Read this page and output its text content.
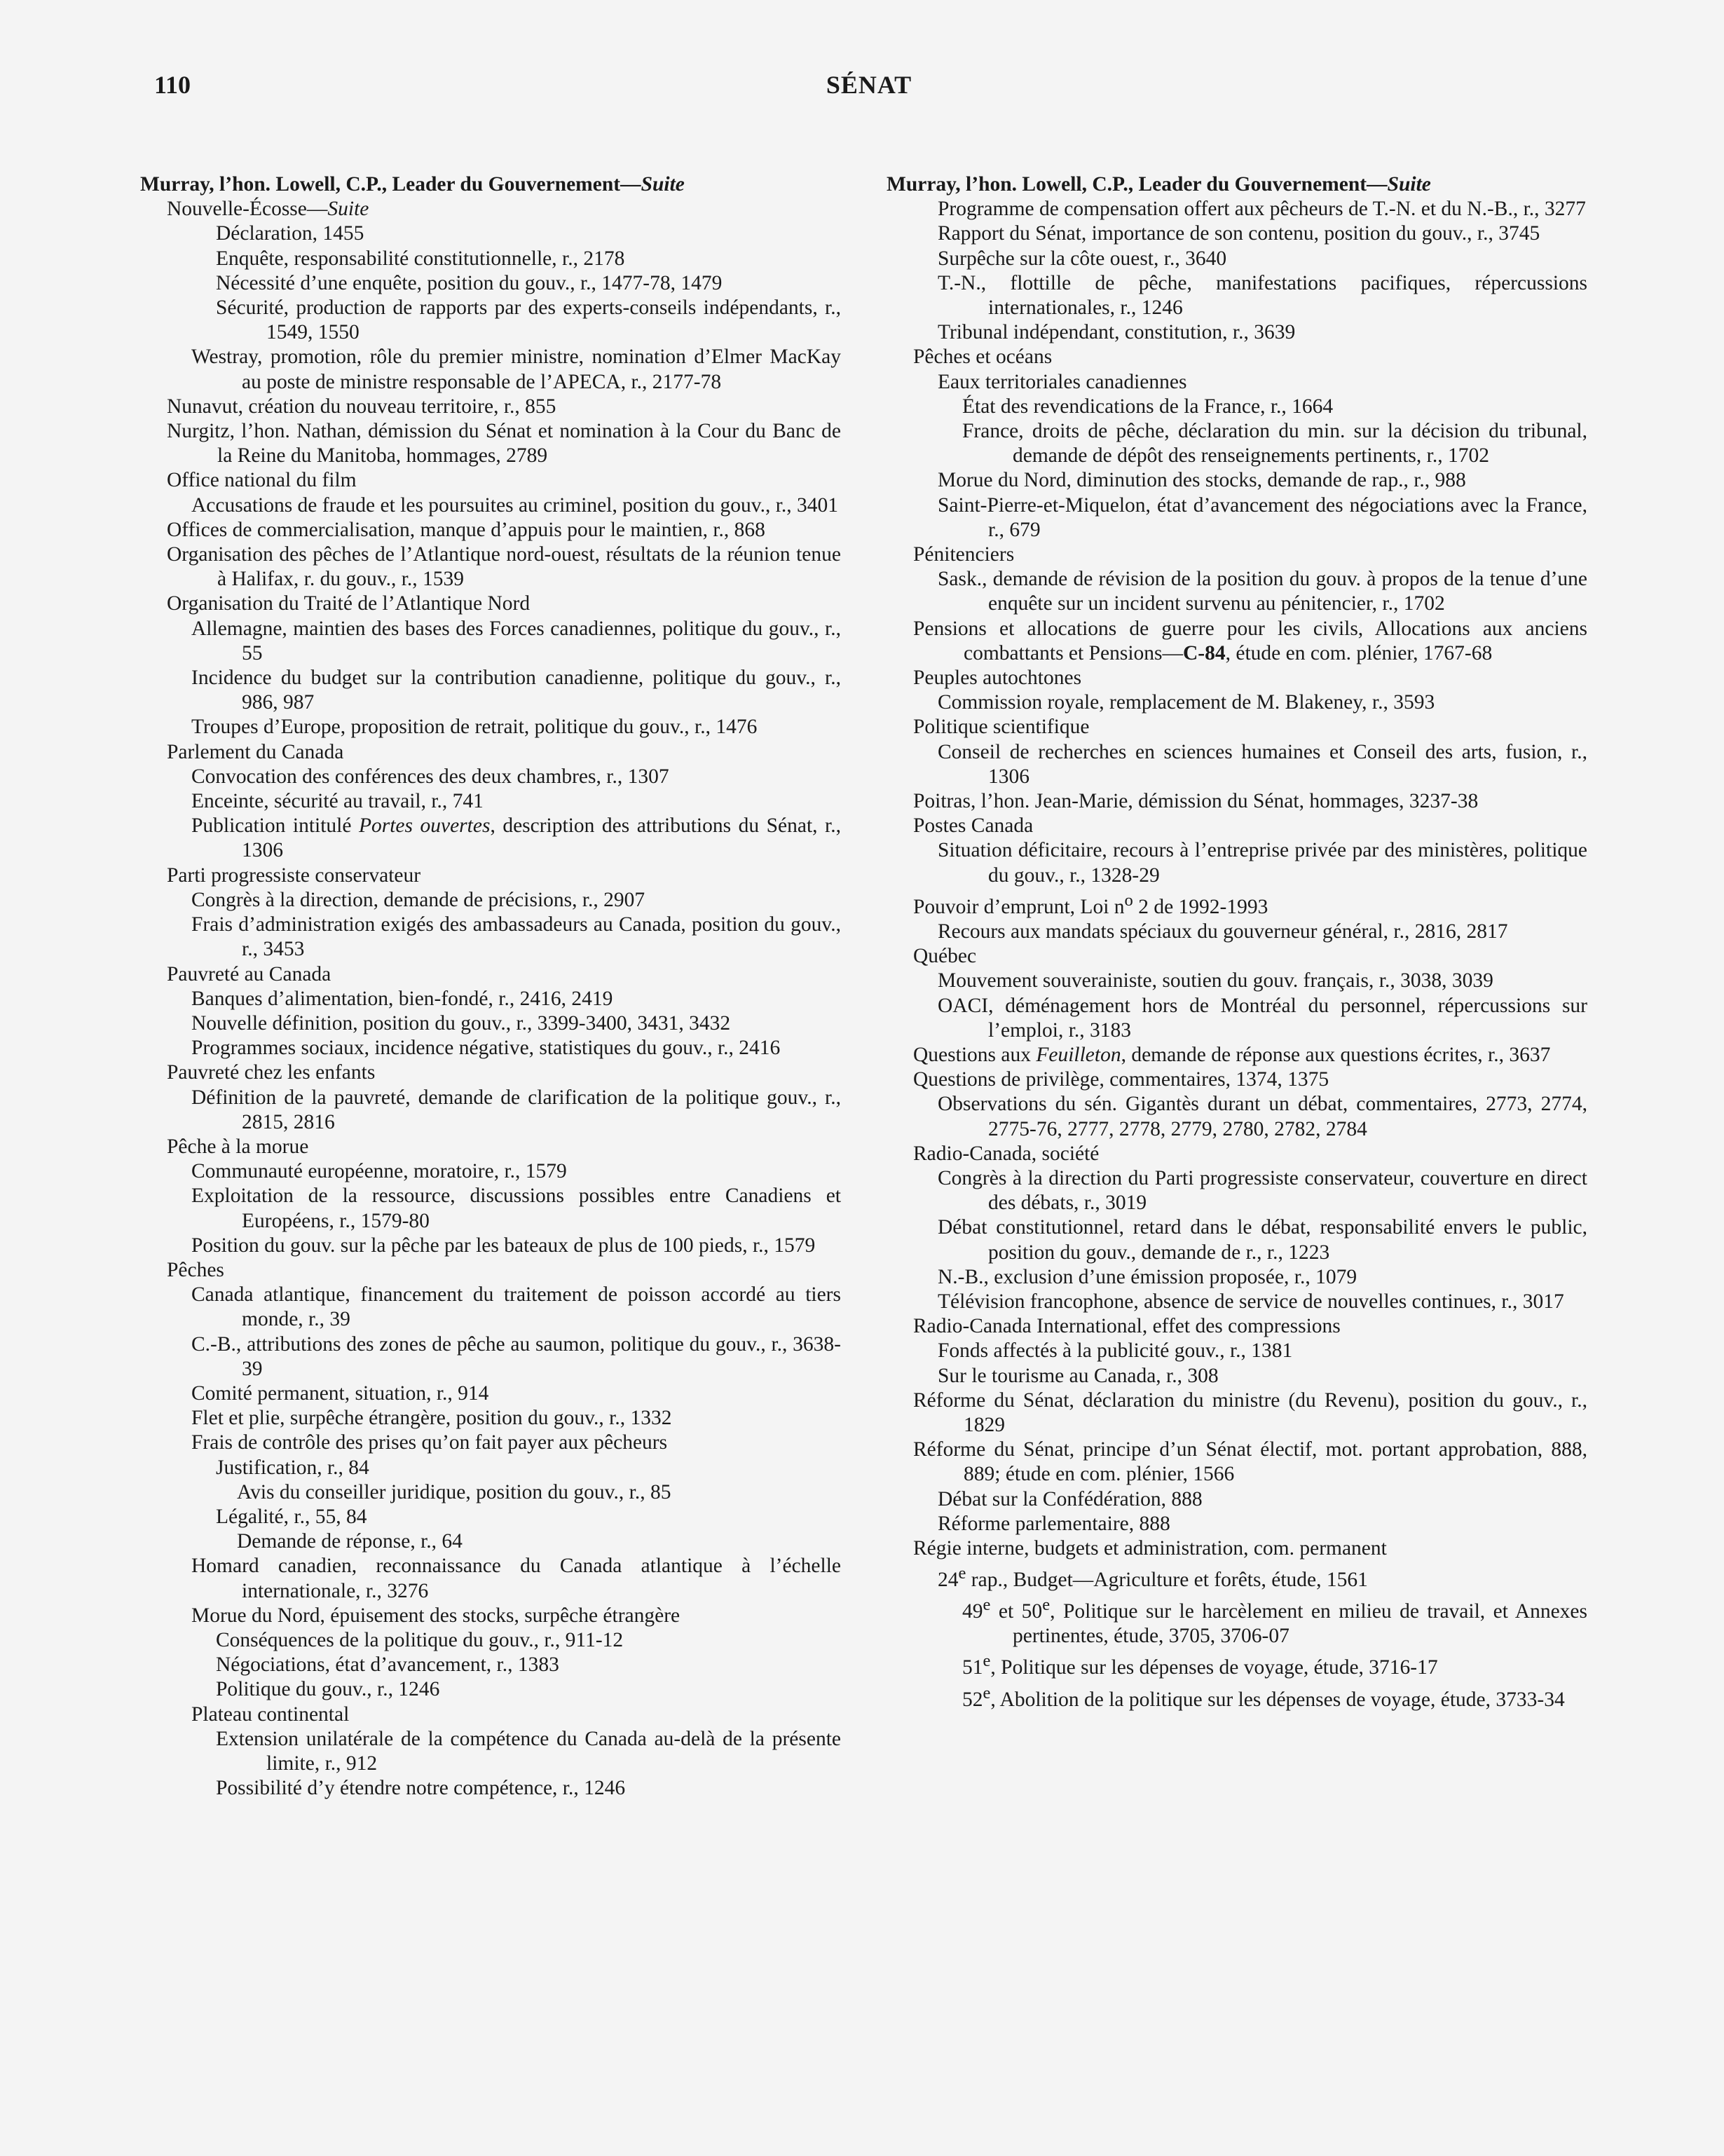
110	SÉNAT
Murray, l’hon. Lowell, C.P., Leader du Gouvernement—Suite
Nouvelle-Écosse—Suite
Déclaration, 1455
Enquête, responsabilité constitutionnelle, r., 2178
Nécessité d’une enquête, position du gouv., r., 1477-78, 1479
Sécurité, production de rapports par des experts-conseils indépendants, r., 1549, 1550
Westray, promotion, rôle du premier ministre, nomination d’Elmer MacKay au poste de ministre responsable de l’APECA, r., 2177-78
Nunavut, création du nouveau territoire, r., 855
Nurgitz, l’hon. Nathan, démission du Sénat et nomination à la Cour du Banc de la Reine du Manitoba, hommages, 2789
Office national du film
Accusations de fraude et les poursuites au criminel, position du gouv., r., 3401
Offices de commercialisation, manque d’appuis pour le maintien, r., 868
Organisation des pêches de l’Atlantique nord-ouest, résultats de la réunion tenue à Halifax, r. du gouv., r., 1539
Organisation du Traité de l’Atlantique Nord
Allemagne, maintien des bases des Forces canadiennes, politique du gouv., r., 55
Incidence du budget sur la contribution canadienne, politique du gouv., r., 986, 987
Troupes d’Europe, proposition de retrait, politique du gouv., r., 1476
Parlement du Canada
Convocation des conférences des deux chambres, r., 1307
Enceinte, sécurité au travail, r., 741
Publication intitulé Portes ouvertes, description des attributions du Sénat, r., 1306
Parti progressiste conservateur
Congrès à la direction, demande de précisions, r., 2907
Frais d’administration exigés des ambassadeurs au Canada, position du gouv., r., 3453
Pauvreté au Canada
Banques d’alimentation, bien-fondé, r., 2416, 2419
Nouvelle définition, position du gouv., r., 3399-3400, 3431, 3432
Programmes sociaux, incidence négative, statistiques du gouv., r., 2416
Pauvreté chez les enfants
Définition de la pauvreté, demande de clarification de la politique gouv., r., 2815, 2816
Pêche à la morue
Communauté européenne, moratoire, r., 1579
Exploitation de la ressource, discussions possibles entre Canadiens et Européens, r., 1579-80
Position du gouv. sur la pêche par les bateaux de plus de 100 pieds, r., 1579
Pêches
Canada atlantique, financement du traitement de poisson accordé au tiers monde, r., 39
C.-B., attributions des zones de pêche au saumon, politique du gouv., r., 3638-39
Comité permanent, situation, r., 914
Flet et plie, surpêche étrangère, position du gouv., r., 1332
Frais de contrôle des prises qu’on fait payer aux pêcheurs
Justification, r., 84
Avis du conseiller juridique, position du gouv., r., 85
Légalité, r., 55, 84
Demande de réponse, r., 64
Homard canadien, reconnaissance du Canada atlantique à l’échelle internationale, r., 3276
Morue du Nord, épuisement des stocks, surpêche étrangère
Conséquences de la politique du gouv., r., 911-12
Négociations, état d’avancement, r., 1383
Politique du gouv., r., 1246
Plateau continental
Extension unilatérale de la compétence du Canada au-delà de la présente limite, r., 912
Possibilité d’y étendre notre compétence, r., 1246
Murray, l’hon. Lowell, C.P., Leader du Gouvernement—Suite
Programme de compensation offert aux pêcheurs de T.-N. et du N.-B., r., 3277
Rapport du Sénat, importance de son contenu, position du gouv., r., 3745
Surpêche sur la côte ouest, r., 3640
T.-N., flottille de pêche, manifestations pacifiques, répercussions internationales, r., 1246
Tribunal indépendant, constitution, r., 3639
Pêches et océans
Eaux territoriales canadiennes
État des revendications de la France, r., 1664
France, droits de pêche, déclaration du min. sur la décision du tribunal, demande de dépôt des renseignements pertinents, r., 1702
Morue du Nord, diminution des stocks, demande de rap., r., 988
Saint-Pierre-et-Miquelon, état d’avancement des négociations avec la France, r., 679
Pénitenciers
Sask., demande de révision de la position du gouv. à propos de la tenue d’une enquête sur un incident survenu au pénitencier, r., 1702
Pensions et allocations de guerre pour les civils, Allocations aux anciens combattants et Pensions—C-84, étude en com. plénier, 1767-68
Peuples autochtones
Commission royale, remplacement de M. Blakeney, r., 3593
Politique scientifique
Conseil de recherches en sciences humaines et Conseil des arts, fusion, r., 1306
Poitras, l’hon. Jean-Marie, démission du Sénat, hommages, 3237-38
Postes Canada
Situation déficitaire, recours à l’entreprise privée par des ministères, politique du gouv., r., 1328-29
Pouvoir d’emprunt, Loi $n^o$ 2 de 1992-1993
Recours aux mandats spéciaux du gouverneur général, r., 2816, 2817
Québec
Mouvement souverainiste, soutien du gouv. français, r., 3038, 3039
OACI, déménagement hors de Montréal du personnel, répercussions sur l’emploi, r., 3183
Questions aux Feuilleton, demande de réponse aux questions écrites, r., 3637
Questions de privilège, commentaires, 1374, 1375
Observations du sén. Gigantès durant un débat, commentaires, 2773, 2774, 2775-76, 2777, 2778, 2779, 2780, 2782, 2784
Radio-Canada, société
Congrès à la direction du Parti progressiste conservateur, couverture en direct des débats, r., 3019
Débat constitutionnel, retard dans le débat, responsabilité envers le public, position du gouv., demande de r., r., 1223
N.-B., exclusion d’une émission proposée, r., 1079
Télévision francophone, absence de service de nouvelles continues, r., 3017
Radio-Canada International, effet des compressions
Fonds affectés à la publicité gouv., r., 1381
Sur le tourisme au Canada, r., 308
Réforme du Sénat, déclaration du ministre (du Revenu), position du gouv., r., 1829
Réforme du Sénat, principe d’un Sénat électif, mot. portant approbation, 888, 889; étude en com. plénier, 1566
Débat sur la Confédération, 888
Réforme parlementaire, 888
Régie interne, budgets et administration, com. permanent
24e rap., Budget—Agriculture et forêts, étude, 1561
49e et 50e, Politique sur le harcèlement en milieu de travail, et Annexes pertinentes, étude, 3705, 3706-07
51e, Politique sur les dépenses de voyage, étude, 3716-17
52e, Abolition de la politique sur les dépenses de voyage, étude, 3733-34
